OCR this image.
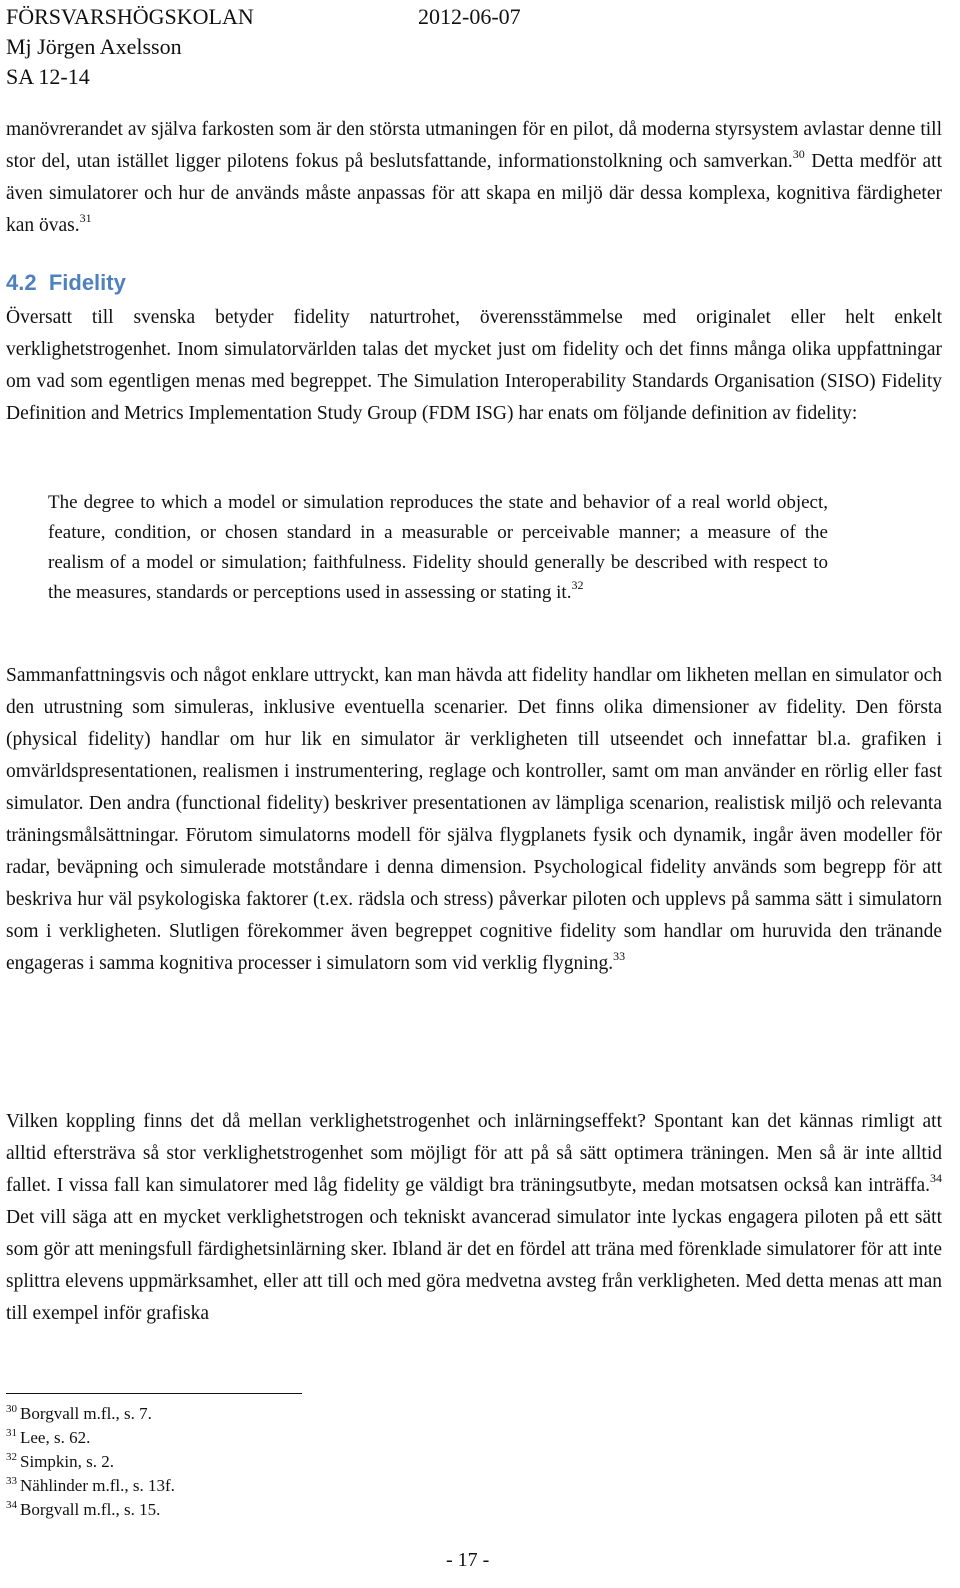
FÖRSVARSHÖGSKOLAN	2012-06-07
Mj Jörgen Axelsson
SA 12-14
manövrerandet av själva farkosten som är den största utmaningen för en pilot, då moderna styrsystem avlastar denne till stor del, utan istället ligger pilotens fokus på beslutsfattande, informationstolkning och samverkan.$^{30}$ Detta medför att även simulatorer och hur de används måste anpassas för att skapa en miljö där dessa komplexa, kognitiva färdigheter kan övas.$^{31}$
4.2 Fidelity
Översatt till svenska betyder fidelity naturtrohet, överensstämmelse med originalet eller helt enkelt verklighetstrogenhet. Inom simulatorvärlden talas det mycket just om fidelity och det finns många olika uppfattningar om vad som egentligen menas med begreppet. The Simulation Interoperability Standards Organisation (SISO) Fidelity Definition and Metrics Implementation Study Group (FDM ISG) har enats om följande definition av fidelity:
The degree to which a model or simulation reproduces the state and behavior of a real world object, feature, condition, or chosen standard in a measurable or perceivable manner; a measure of the realism of a model or simulation; faithfulness. Fidelity should generally be described with respect to the measures, standards or perceptions used in assessing or stating it.$^{32}$
Sammanfattningsvis och något enklare uttryckt, kan man hävda att fidelity handlar om likheten mellan en simulator och den utrustning som simuleras, inklusive eventuella scenarier. Det finns olika dimensioner av fidelity. Den första (physical fidelity) handlar om hur lik en simulator är verkligheten till utseendet och innefattar bl.a. grafiken i omvärldspresentationen, realismen i instrumentering, reglage och kontroller, samt om man använder en rörlig eller fast simulator. Den andra (functional fidelity) beskriver presentationen av lämpliga scenarion, realistisk miljö och relevanta träningsmålsättningar. Förutom simulatorns modell för själva flygplanets fysik och dynamik, ingår även modeller för radar, beväpning och simulerade motståndare i denna dimension. Psychological fidelity används som begrepp för att beskriva hur väl psykologiska faktorer (t.ex. rädsla och stress) påverkar piloten och upplevs på samma sätt i simulatorn som i verkligheten. Slutligen förekommer även begreppet cognitive fidelity som handlar om huruvida den tränande engageras i samma kognitiva processer i simulatorn som vid verklig flygning.$^{33}$
Vilken koppling finns det då mellan verklighetstrogenhet och inlärningseffekt? Spontant kan det kännas rimligt att alltid eftersträva så stor verklighetstrogenhet som möjligt för att på så sätt optimera träningen. Men så är inte alltid fallet. I vissa fall kan simulatorer med låg fidelity ge väldigt bra träningsutbyte, medan motsatsen också kan inträffa.$^{34}$ Det vill säga att en mycket verklighetstrogen och tekniskt avancerad simulator inte lyckas engagera piloten på ett sätt som gör att meningsfull färdighetsinlärning sker. Ibland är det en fördel att träna med förenklade simulatorer för att inte splittra elevens uppmärksamhet, eller att till och med göra medvetna avsteg från verkligheten. Med detta menas att man till exempel inför grafiska
$^{30}$ Borgvall m.fl., s. 7.
$^{31}$ Lee, s. 62.
$^{32}$ Simpkin, s. 2.
$^{33}$ Nählinder m.fl., s. 13f.
$^{34}$ Borgvall m.fl., s. 15.
- 17 -
